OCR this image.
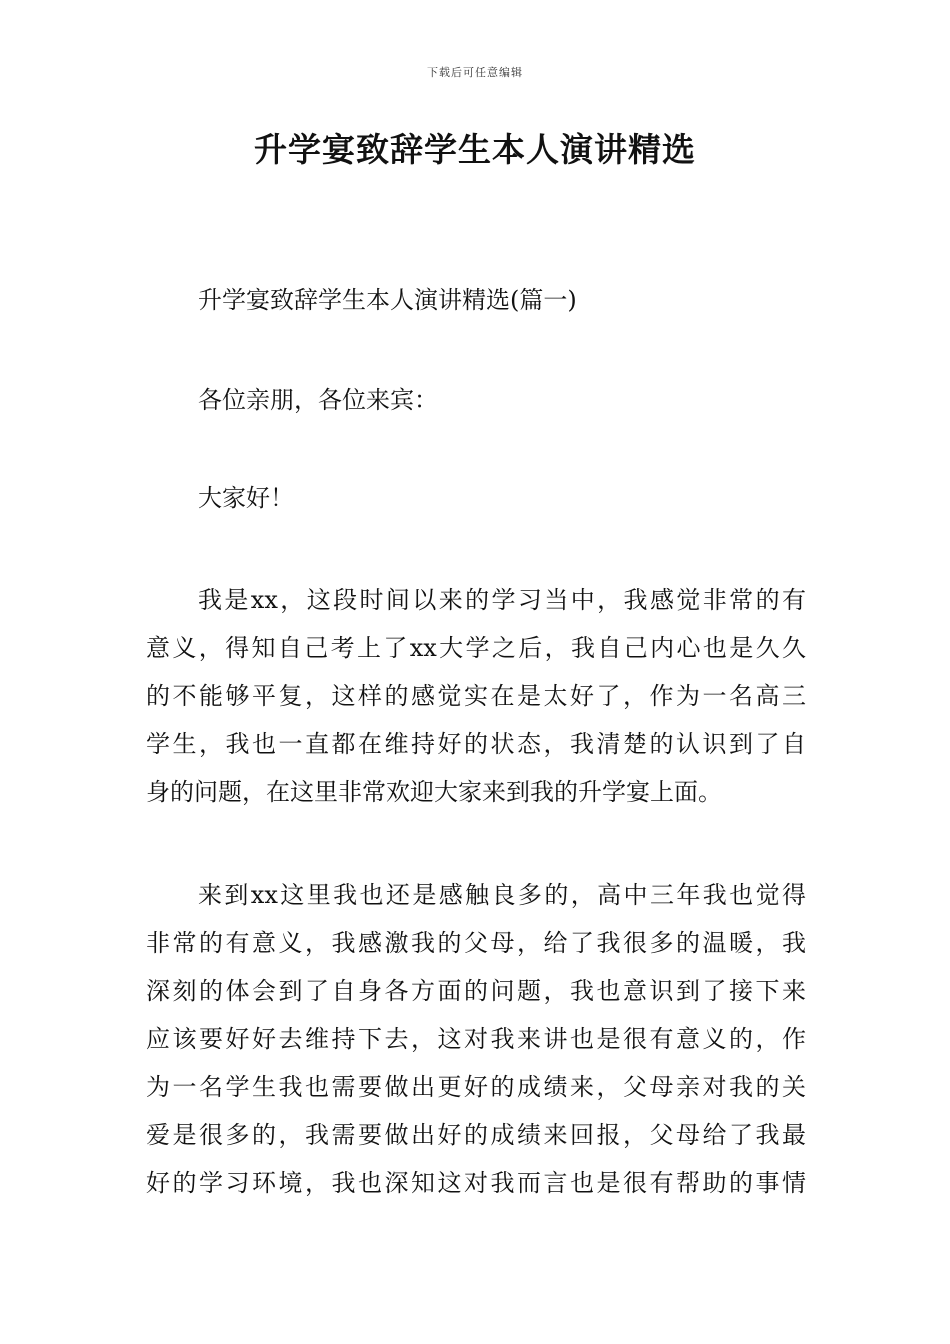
下载后可任意编辑
升学宴致辞学生本人演讲精选

升学宴致辞学生本人演讲精选(篇一)

各位亲朋，各位来宾：

大家好！

我是xx，这段时间以来的学习当中，我感觉非常的有
意义，得知自己考上了xx大学之后，我自己内心也是久久
的不能够平复，这样的感觉实在是太好了，作为一名高三
学生，我也一直都在维持好的状态，我清楚的认识到了自
身的问题，在这里非常欢迎大家来到我的升学宴上面。
来到xx这里我也还是感触良多的，高中三年我也觉得
非常的有意义，我感激我的父母，给了我很多的温暖，我
深刻的体会到了自身各方面的问题，我也意识到了接下来
应该要好好去维持下去，这对我来讲也是很有意义的，作
为一名学生我也需要做出更好的成绩来，父母亲对我的关
爱是很多的，我需要做出好的成绩来回报，父母给了我最
好的学习环境，我也深知这对我而言也是很有帮助的事情
